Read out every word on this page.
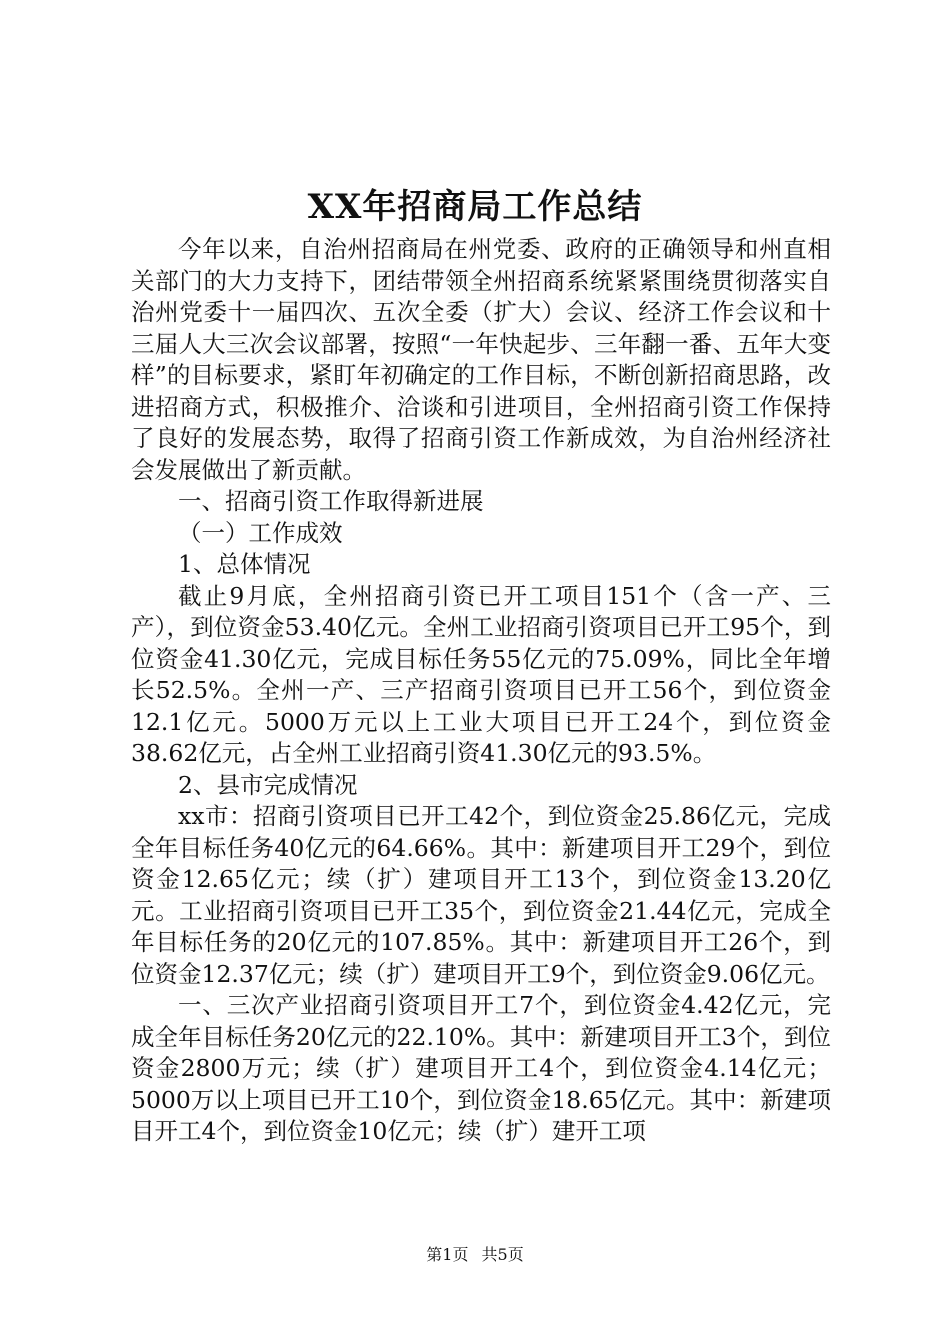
XX年招商局工作总结

今年以来，自治州招商局在州党委、政府的正确领导和州直相关部门的大力支持下，团结带领全州招商系统紧紧围绕贯彻落实自治州党委十一届四次、五次全委（扩大）会议、经济工作会议和十三届人大三次会议部署，按照“一年快起步、三年翻一番、五年大变样”的目标要求，紧盯年初确定的工作目标，不断创新招商思路，改进招商方式，积极推介、洽谈和引进项目，全州招商引资工作保持了良好的发展态势，取得了招商引资工作新成效，为自治州经济社会发展做出了新贡献。

一、招商引资工作取得新进展

（一）工作成效

1、总体情况

截止9月底，全州招商引资已开工项目151个（含一产、三产），到位资金53.40亿元。全州工业招商引资项目已开工95个，到位资金41.30亿元，完成目标任务55亿元的75.09%，同比全年增长52.5%。全州一产、三产招商引资项目已开工56个，到位资金12.1亿元。5000万元以上工业大项目已开工24个，到位资金38.62亿元，占全州工业招商引资41.30亿元的93.5%。

2、县市完成情况

xx市：招商引资项目已开工42个，到位资金25.86亿元，完成全年目标任务40亿元的64.66%。其中：新建项目开工29个，到位资金12.65亿元；续（扩）建项目开工13个，到位资金13.20亿元。工业招商引资项目已开工35个，到位资金21.44亿元，完成全年目标任务的20亿元的107.85%。其中：新建项目开工26个，到位资金12.37亿元；续（扩）建项目开工9个，到位资金9.06亿元。

一、三次产业招商引资项目开工7个，到位资金4.42亿元，完成全年目标任务20亿元的22.10%。其中：新建项目开工3个，到位资金2800万元；续（扩）建项目开工4个，到位资金4.14亿元；5000万以上项目已开工10个，到位资金18.65亿元。其中：新建项目开工4个，到位资金10亿元；续（扩）建开工项

第1页 共5页
